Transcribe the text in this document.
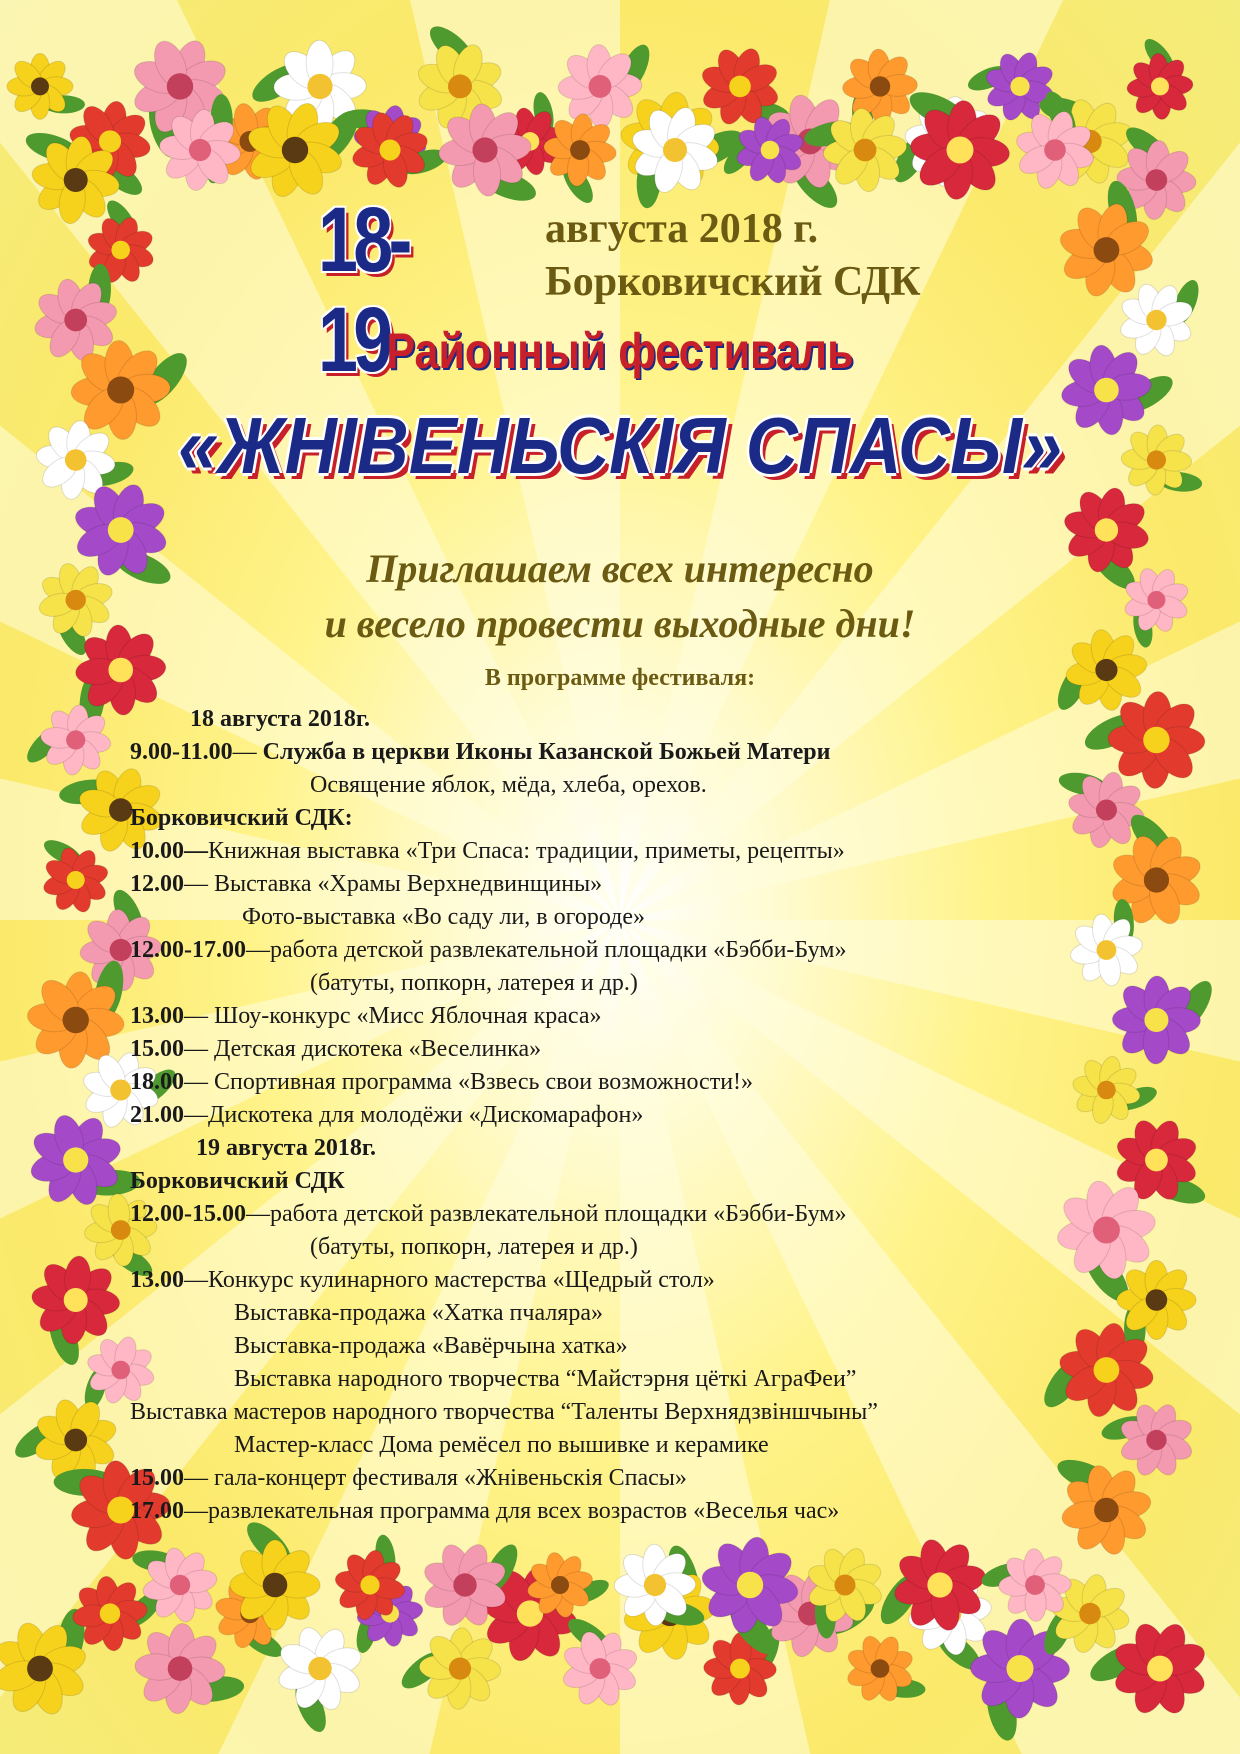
18-19
августа 2018 г.
Борковичский СДК
Районный фестиваль
«ЖНІВЕНЬСКІЯ СПАСЫ»
Приглашаем всех интересно
и весело провести выходные дни!
В программе фестиваля:
18 августа 2018г.
9.00-11.00— Служба в церкви Иконы Казанской Божьей Матери
Освящение яблок, мёда, хлеба, орехов.
Борковичский СДК:
10.00—Книжная выставка «Три Спаса: традиции, приметы, рецепты»
12.00— Выставка «Храмы Верхнедвинщины»
Фото-выставка «Во саду ли, в огороде»
12.00-17.00—работа детской развлекательной площадки «Бэбби-Бум»
(батуты, попкорн, латерея и др.)
13.00— Шоу-конкурс «Мисс Яблочная краса»
15.00— Детская дискотека «Веселинка»
18.00— Спортивная программа «Взвесь свои возможности!»
21.00—Дискотека для молодёжи «Дискомарафон»
19 августа 2018г.
Борковичский СДК
12.00-15.00—работа детской развлекательной площадки «Бэбби-Бум»
(батуты, попкорн, латерея и др.)
13.00—Конкурс кулинарного мастерства «Щедрый стол»
Выставка-продажа «Хатка пчаляра»
Выставка-продажа «Вавёрчына хатка»
Выставка народного творчества “Майстэрня цёткі АграФеи”
Выставка мастеров народного творчества “Таленты Верхнядзвіншчыны”
Мастер-класс Дома ремёсел по вышивке и керамике
15.00— гала-концерт фестиваля «Жнівеньскія Спасы»
17.00—развлекательная программа для всех возрастов «Веселья час»
